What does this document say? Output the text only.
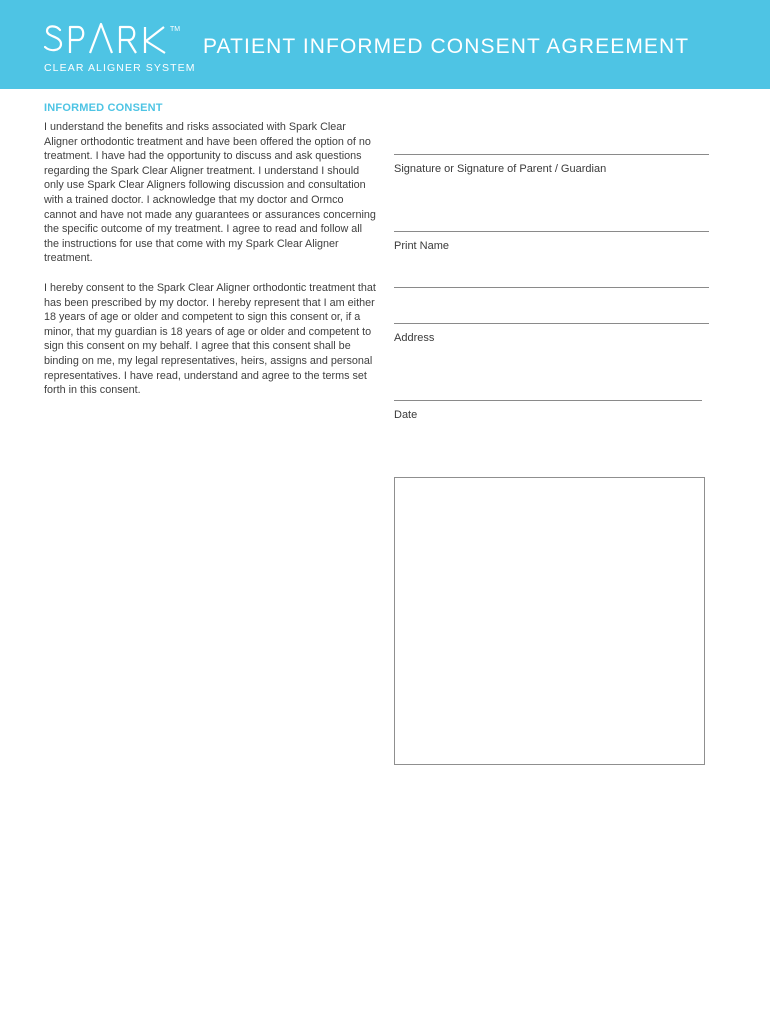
TM
CLEAR ALIGNER SYSTEM
PATIENT INFORMED CONSENT AGREEMENT
INFORMED CONSENT

I understand the benefits and risks associated with Spark Clear Aligner orthodontic treatment and have been offered the option of no treatment. I have had the opportunity to discuss and ask questions regarding the Spark Clear Aligner treatment. I understand I should only use Spark Clear Aligners following discussion and consultation with a trained doctor. I acknowledge that my doctor and Ormco cannot and have not made any guarantees or assurances concerning the specific outcome of my treatment. I agree to read and follow all the instructions for use that come with my Spark Clear Aligner treatment.

I hereby consent to the Spark Clear Aligner orthodontic treatment that has been prescribed by my doctor. I hereby represent that I am either 18 years of age or older and competent to sign this consent or, if a minor, that my guardian is 18 years of age or older and competent to sign this consent on my behalf. I agree that this consent shall be binding on me, my legal representatives, heirs, assigns and personal representatives. I have read, understand and agree to the terms set forth in this consent.

Signature or Signature of Parent / Guardian
Print Name
Address
Date
